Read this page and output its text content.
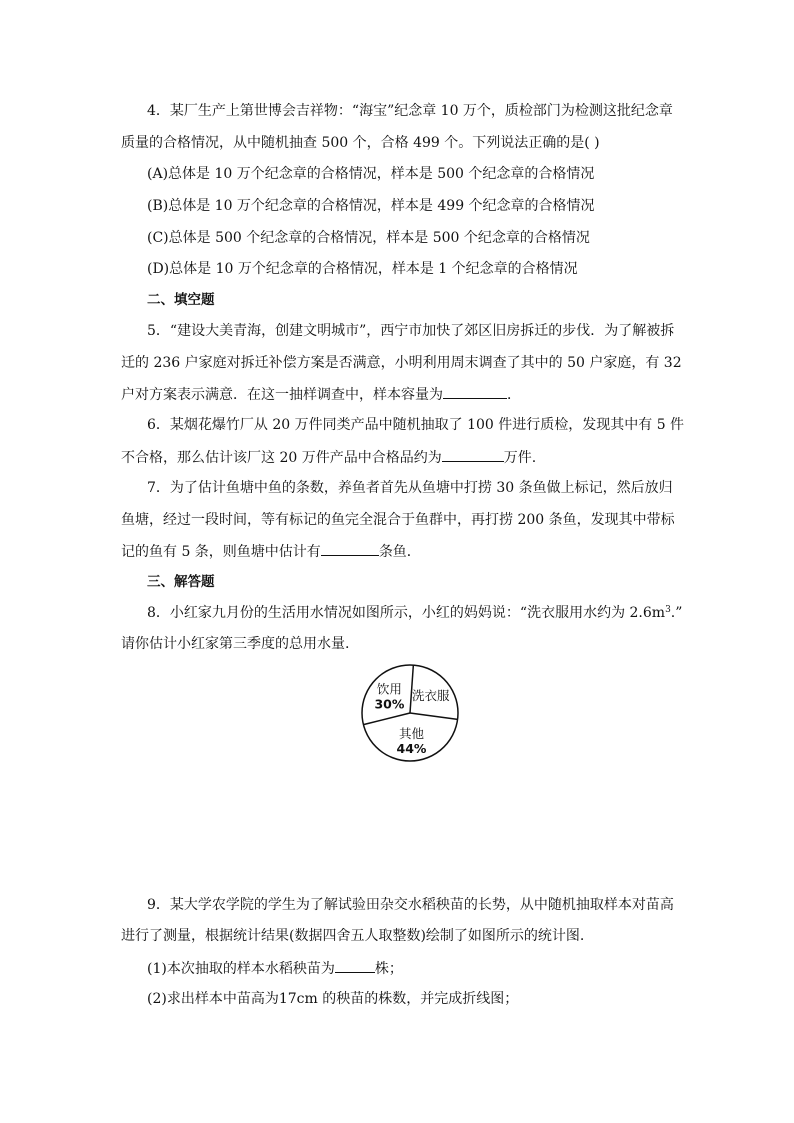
4．某厂生产上第世博会吉祥物：“海宝”纪念章 10 万个，质检部门为检测这批纪念章
质量的合格情况，从中随机抽查 500 个，合格 499 个。下列说法正确的是( )
(A)总体是 10 万个纪念章的合格情况，样本是 500 个纪念章的合格情况
(B)总体是 10 万个纪念章的合格情况，样本是 499 个纪念章的合格情况
(C)总体是 500 个纪念章的合格情况，样本是 500 个纪念章的合格情况
(D)总体是 10 万个纪念章的合格情况，样本是 1 个纪念章的合格情况
二、填空题
5．“建设大美青海，创建文明城市”，西宁市加快了郊区旧房拆迁的步伐．为了解被拆
迁的 236 户家庭对拆迁补偿方案是否满意，小明利用周末调查了其中的 50 户家庭，有 32
户对方案表示满意．在这一抽样调查中，样本容量为	．
6．某烟花爆竹厂从 20 万件同类产品中随机抽取了 100 件进行质检，发现其中有 5 件
不合格，那么估计该厂这 20 万件产品中合格品约为	万件.
7．为了估计鱼塘中鱼的条数，养鱼者首先从鱼塘中打捞 30 条鱼做上标记，然后放归
鱼塘，经过一段时间，等有标记的鱼完全混合于鱼群中，再打捞 200 条鱼，发现其中带标
记的鱼有 5 条，则鱼塘中估计有	条鱼．
三、解答题
8．小红家九月份的生活用水情况如图所示，小红的妈妈说：“洗衣服用水约为 $2.6m^3$.”
请你估计小红家第三季度的总用水量.
饮用
30%
洗衣服
其他
44%
9．某大学农学院的学生为了解试验田杂交水稻秧苗的长势，从中随机抽取样本对苗高
进行了测量，根据统计结果(数据四舍五人取整数)绘制了如图所示的统计图.
(1)本次抽取的样本水稻秧苗为	株；
(2)求出样本中苗高为17cm 的秧苗的株数，并完成折线图；
